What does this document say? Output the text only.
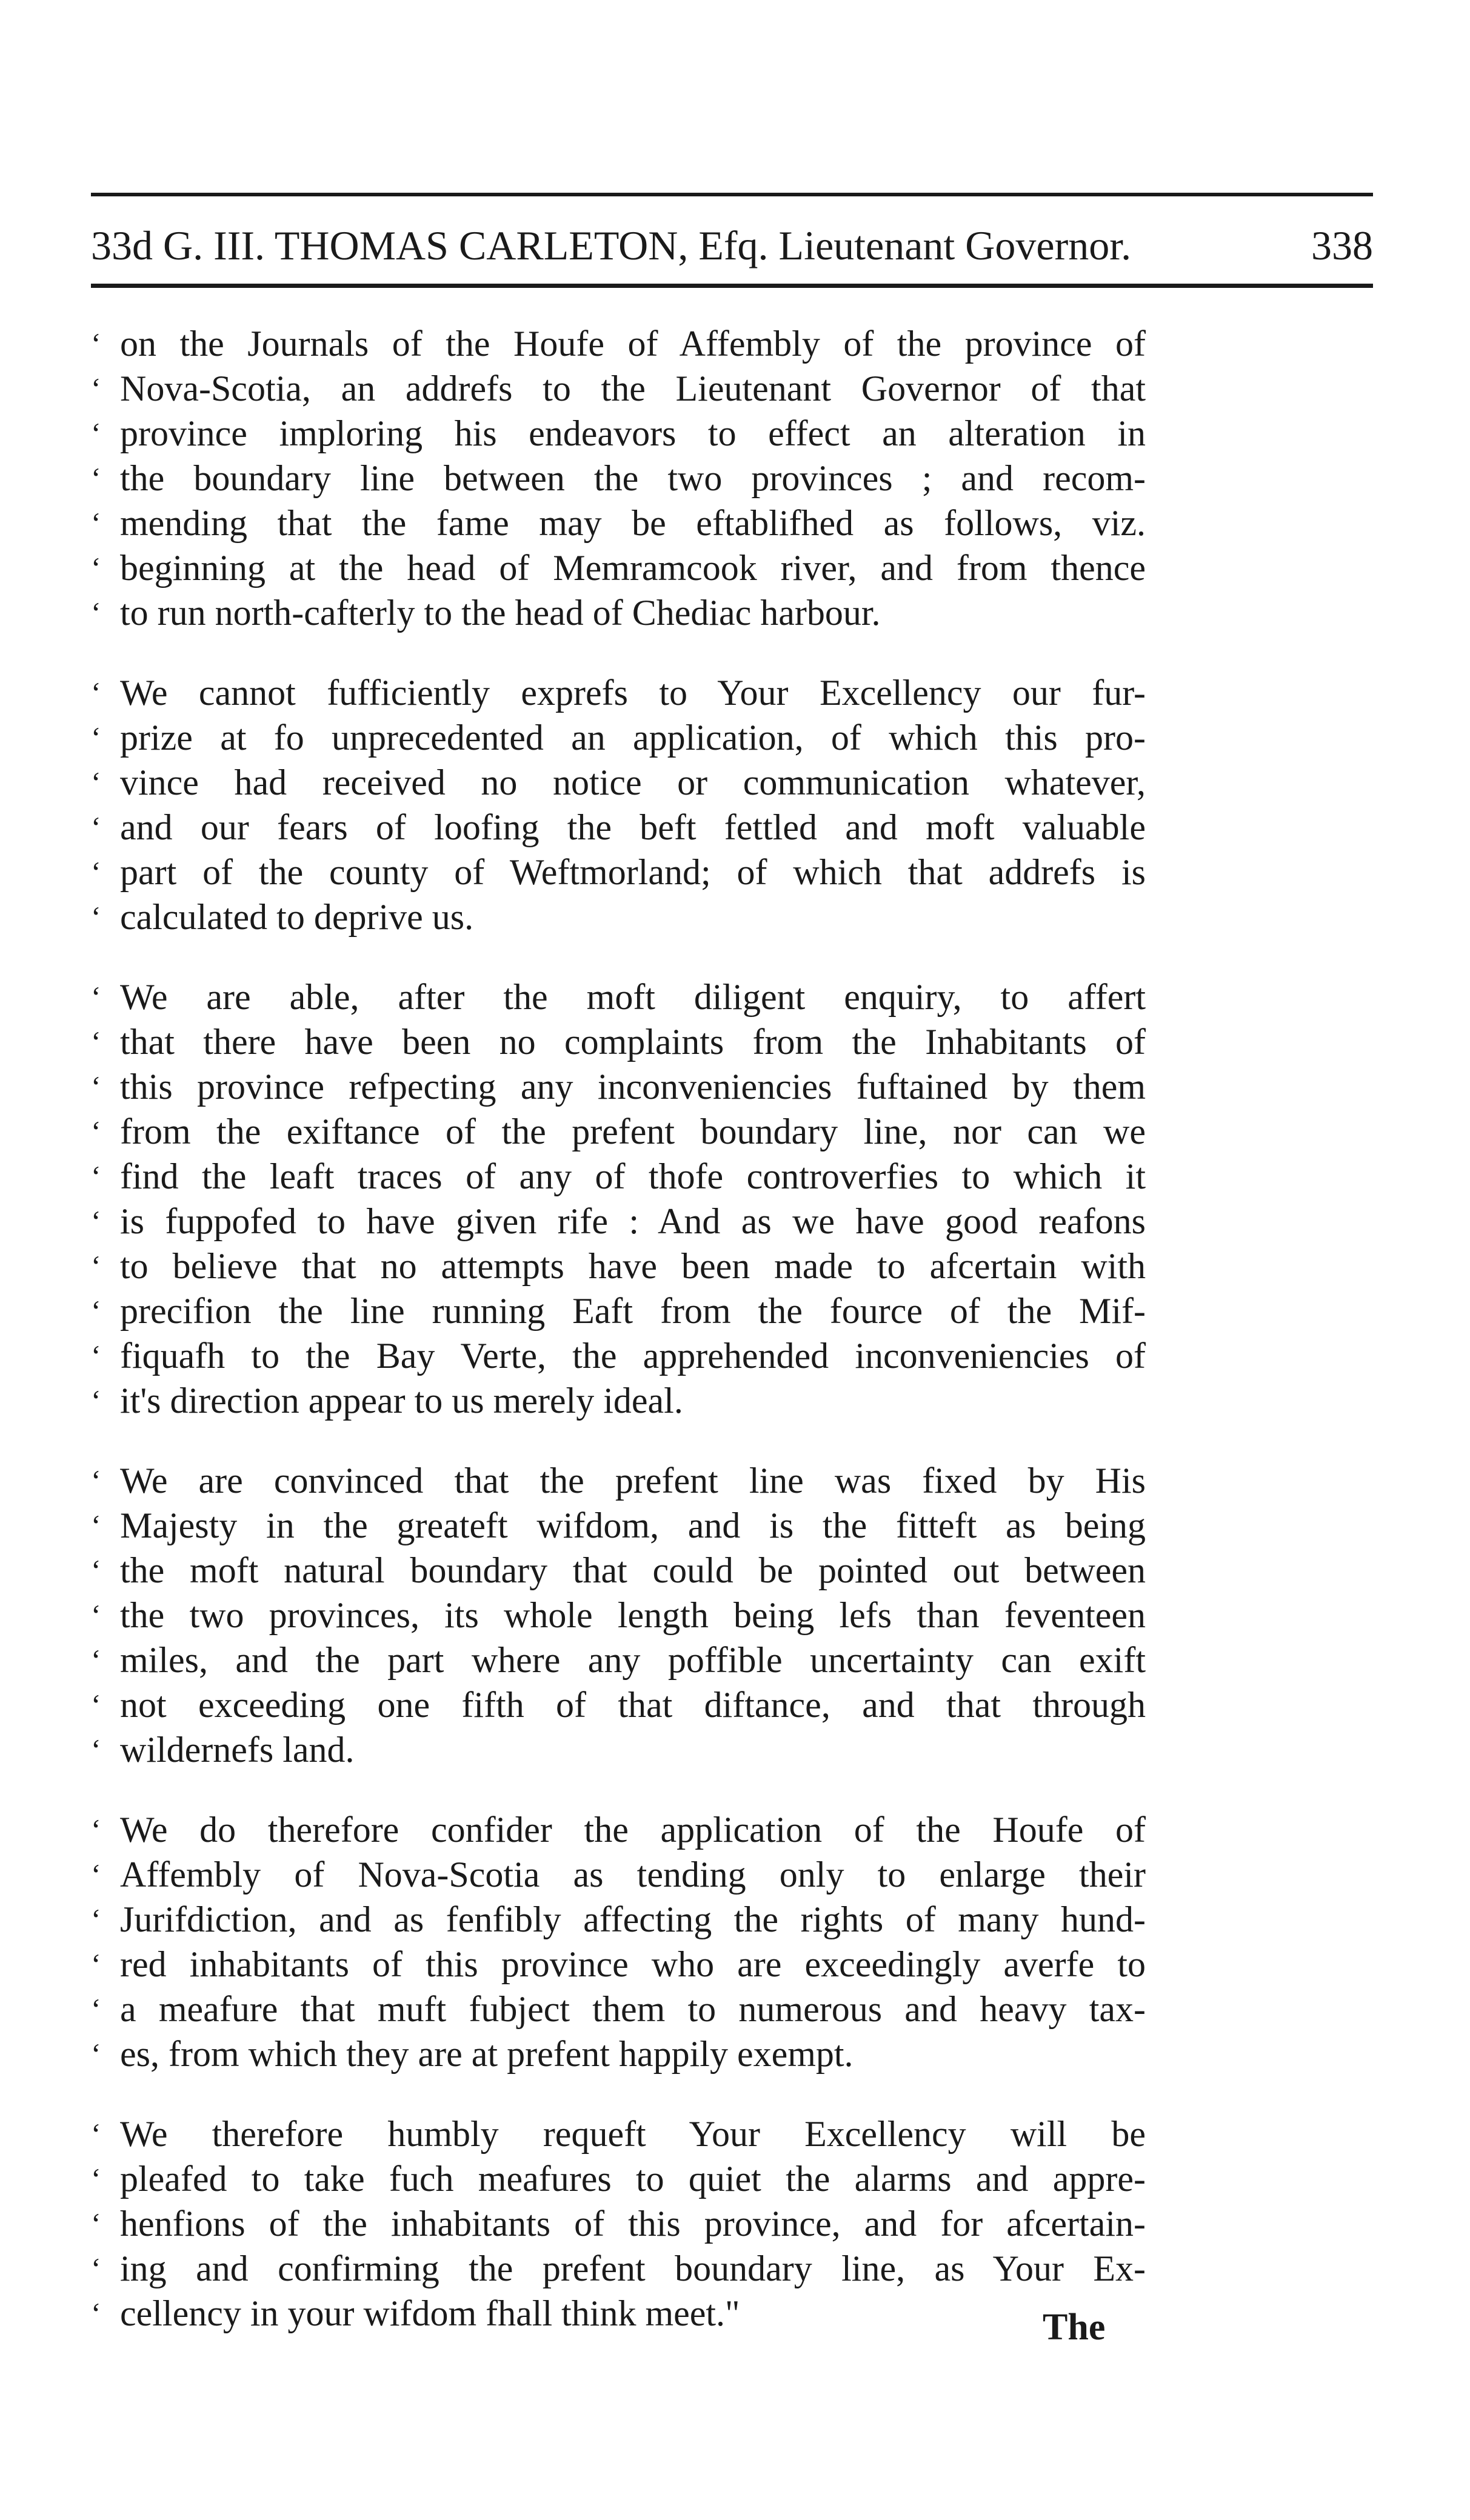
33d G. III. THOMAS CARLETON, Efq. Lieutenant Governor.	338
‘ on the Journals of the Houfe of Affembly of the province of
‘ Nova-Scotia, an addrefs to the Lieutenant Governor of that
‘ province imploring his endeavors to effect an alteration in
‘ the boundary line between the two provinces ; and recom-
‘ mending that the fame may be eftablifhed as follows, viz.
‘ beginning at the head of Memramcook river, and from thence
‘ to run north-cafterly to the head of Chediac harbour.
‘ We cannot fufficiently exprefs to Your Excellency our fur-
‘ prize at fo unprecedented an application, of which this pro-
‘ vince had received no notice or communication whatever,
‘ and our fears of loofing the beft fettled and moft valuable
‘ part of the county of Weftmorland; of which that addrefs is
‘ calculated to deprive us.
‘ We are able, after the moft diligent enquiry, to affert
‘ that there have been no complaints from the Inhabitants of
‘ this province refpecting any inconveniencies fuftained by them
‘ from the exiftance of the prefent boundary line, nor can we
‘ find the leaft traces of any of thofe controverfies to which it
‘ is fuppofed to have given rife : And as we have good reafons
‘ to believe that no attempts have been made to afcertain with
‘ precifion the line running Eaft from the fource of the Mif-
‘ fiquafh to the Bay Verte, the apprehended inconveniencies of
‘ it's direction appear to us merely ideal.
‘ We are convinced that the prefent line was fixed by His
‘ Majesty in the greateft wifdom, and is the fitteft as being
‘ the moft natural boundary that could be pointed out between
‘ the two provinces, its whole length being lefs than feventeen
‘ miles, and the part where any poffible uncertainty can exift
‘ not exceeding one fifth of that diftance, and that through
‘ wildernefs land.
‘ We do therefore confider the application of the Houfe of
‘ Affembly of Nova-Scotia as tending only to enlarge their
‘ Jurifdiction, and as fenfibly affecting the rights of many hund-
‘ red inhabitants of this province who are exceedingly averfe to
‘ a meafure that muft fubject them to numerous and heavy tax-
‘ es, from which they are at prefent happily exempt.
‘ We therefore humbly requeft Your Excellency will be
‘ pleafed to take fuch meafures to quiet the alarms and appre-
‘ henfions of the inhabitants of this province, and for afcertain-
‘ ing and confirming the prefent boundary line, as Your Ex-
‘ cellency in your wifdom fhall think meet."	The
